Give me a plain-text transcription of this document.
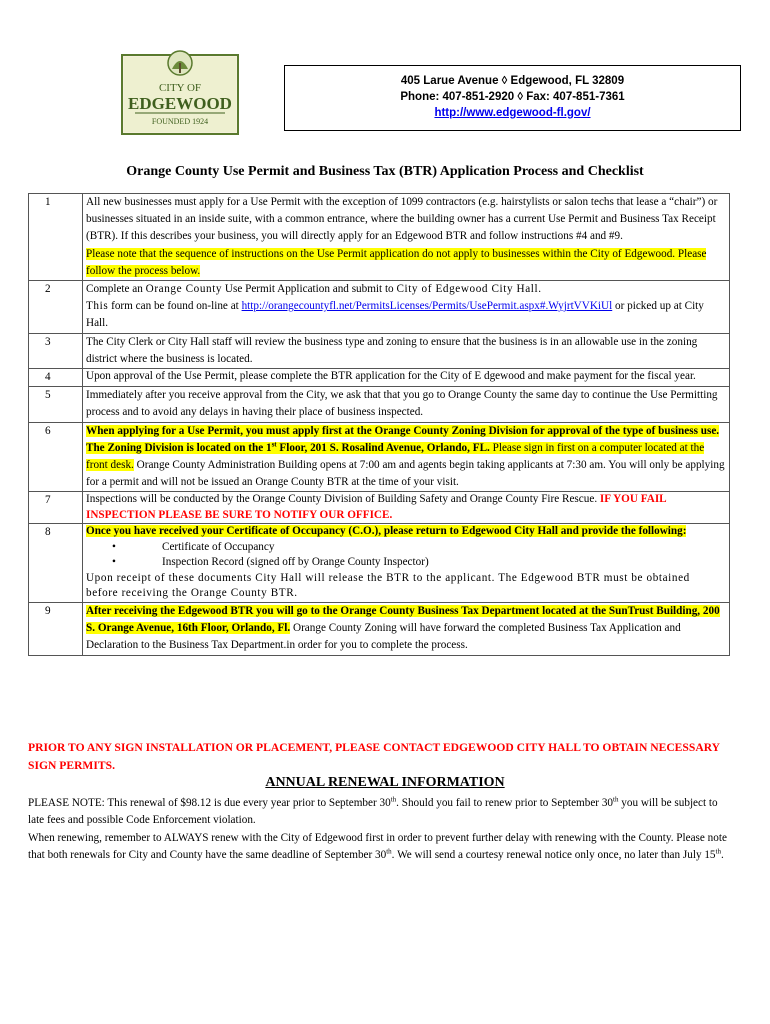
CITY OF
EDGEWOOD
FOUNDED 1924
405 Larue Avenue ◊ Edgewood, FL 32809
Phone: 407-851-2920 ◊ Fax: 407-851-7361
http://www.edgewood-fl.gov/
Orange County Use Permit and Business Tax (BTR) Application Process and Checklist
1	All new businesses must apply for a Use Permit with the exception of 1099 contractors (e.g. hairstylists or salon techs that lease a “chair”) or businesses situated in an inside suite, with a common entrance, where the building owner has a current Use Permit and Business Tax Receipt (BTR). If this describes your business, you will directly apply for an Edgewood BTR and follow instructions #4 and #9.
Please note that the sequence of instructions on the Use Permit application do not apply to businesses within the City of Edgewood. Please follow the process below.
2	Complete an Orange County Use Permit Application and submit to City of Edgewood City Hall.
This form can be found on-line at http://orangecountyfl.net/PermitsLicenses/Permits/UsePermit.aspx#.WyjrtVVKiUl or picked up at City Hall.
3	The City Clerk or City Hall staff will review the business type and zoning to ensure that the business is in an allowable use in the zoning district where the business is located.
4	Upon approval of the Use Permit, please complete the BTR application for the City of E dgewood and make payment for the fiscal year.
5	Immediately after you receive approval from the City, we ask that that you go to Orange County the same day to continue the Use Permitting process and to avoid any delays in having their place of business inspected.
6	When applying for a Use Permit, you must apply first at the Orange County Zoning Division for approval of the type of business use. The Zoning Division is located on the 1st Floor, 201 S. Rosalind Avenue, Orlando, FL. Please sign in first on a computer located at the front desk. Orange County Administration Building opens at 7:00 am and agents begin taking applicants at 7:30 am. You will only be applying for a permit and will not be issued an Orange County BTR at the time of your visit.
7	Inspections will be conducted by the Orange County Division of Building Safety and Orange County Fire Rescue. IF YOU FAIL INSPECTION PLEASE BE SURE TO NOTIFY OUR OFFICE.
8	Once you have received your Certificate of Occupancy (C.O.), please return to Edgewood City Hall and provide the following:
• Certificate of Occupancy
• Inspection Record (signed off by Orange County Inspector)
Upon receipt of these documents City Hall will release the BTR to the applicant. The Edgewood BTR must be obtained before receiving the Orange County BTR.

9	After receiving the Edgewood BTR you will go to the Orange County Business Tax Department located at the SunTrust Building, 200 S. Orange Avenue, 16th Floor, Orlando, Fl. Orange County Zoning will have forward the completed Business Tax Application and Declaration to the Business Tax Department.in order for you to complete the process.
PRIOR TO ANY SIGN INSTALLATION OR PLACEMENT, PLEASE CONTACT EDGEWOOD CITY HALL TO OBTAIN NECESSARY SIGN PERMITS.
ANNUAL RENEWAL INFORMATION

PLEASE NOTE: This renewal of $98.12 is due every year prior to September 30th. Should you fail to renew prior to September 30th you will be subject to late fees and possible Code Enforcement violation.

When renewing, remember to ALWAYS renew with the City of Edgewood first in order to prevent further delay with renewing with the County. Please note that both renewals for City and County have the same deadline of September 30th. We will send a courtesy renewal notice only once, no later than July 15th.
